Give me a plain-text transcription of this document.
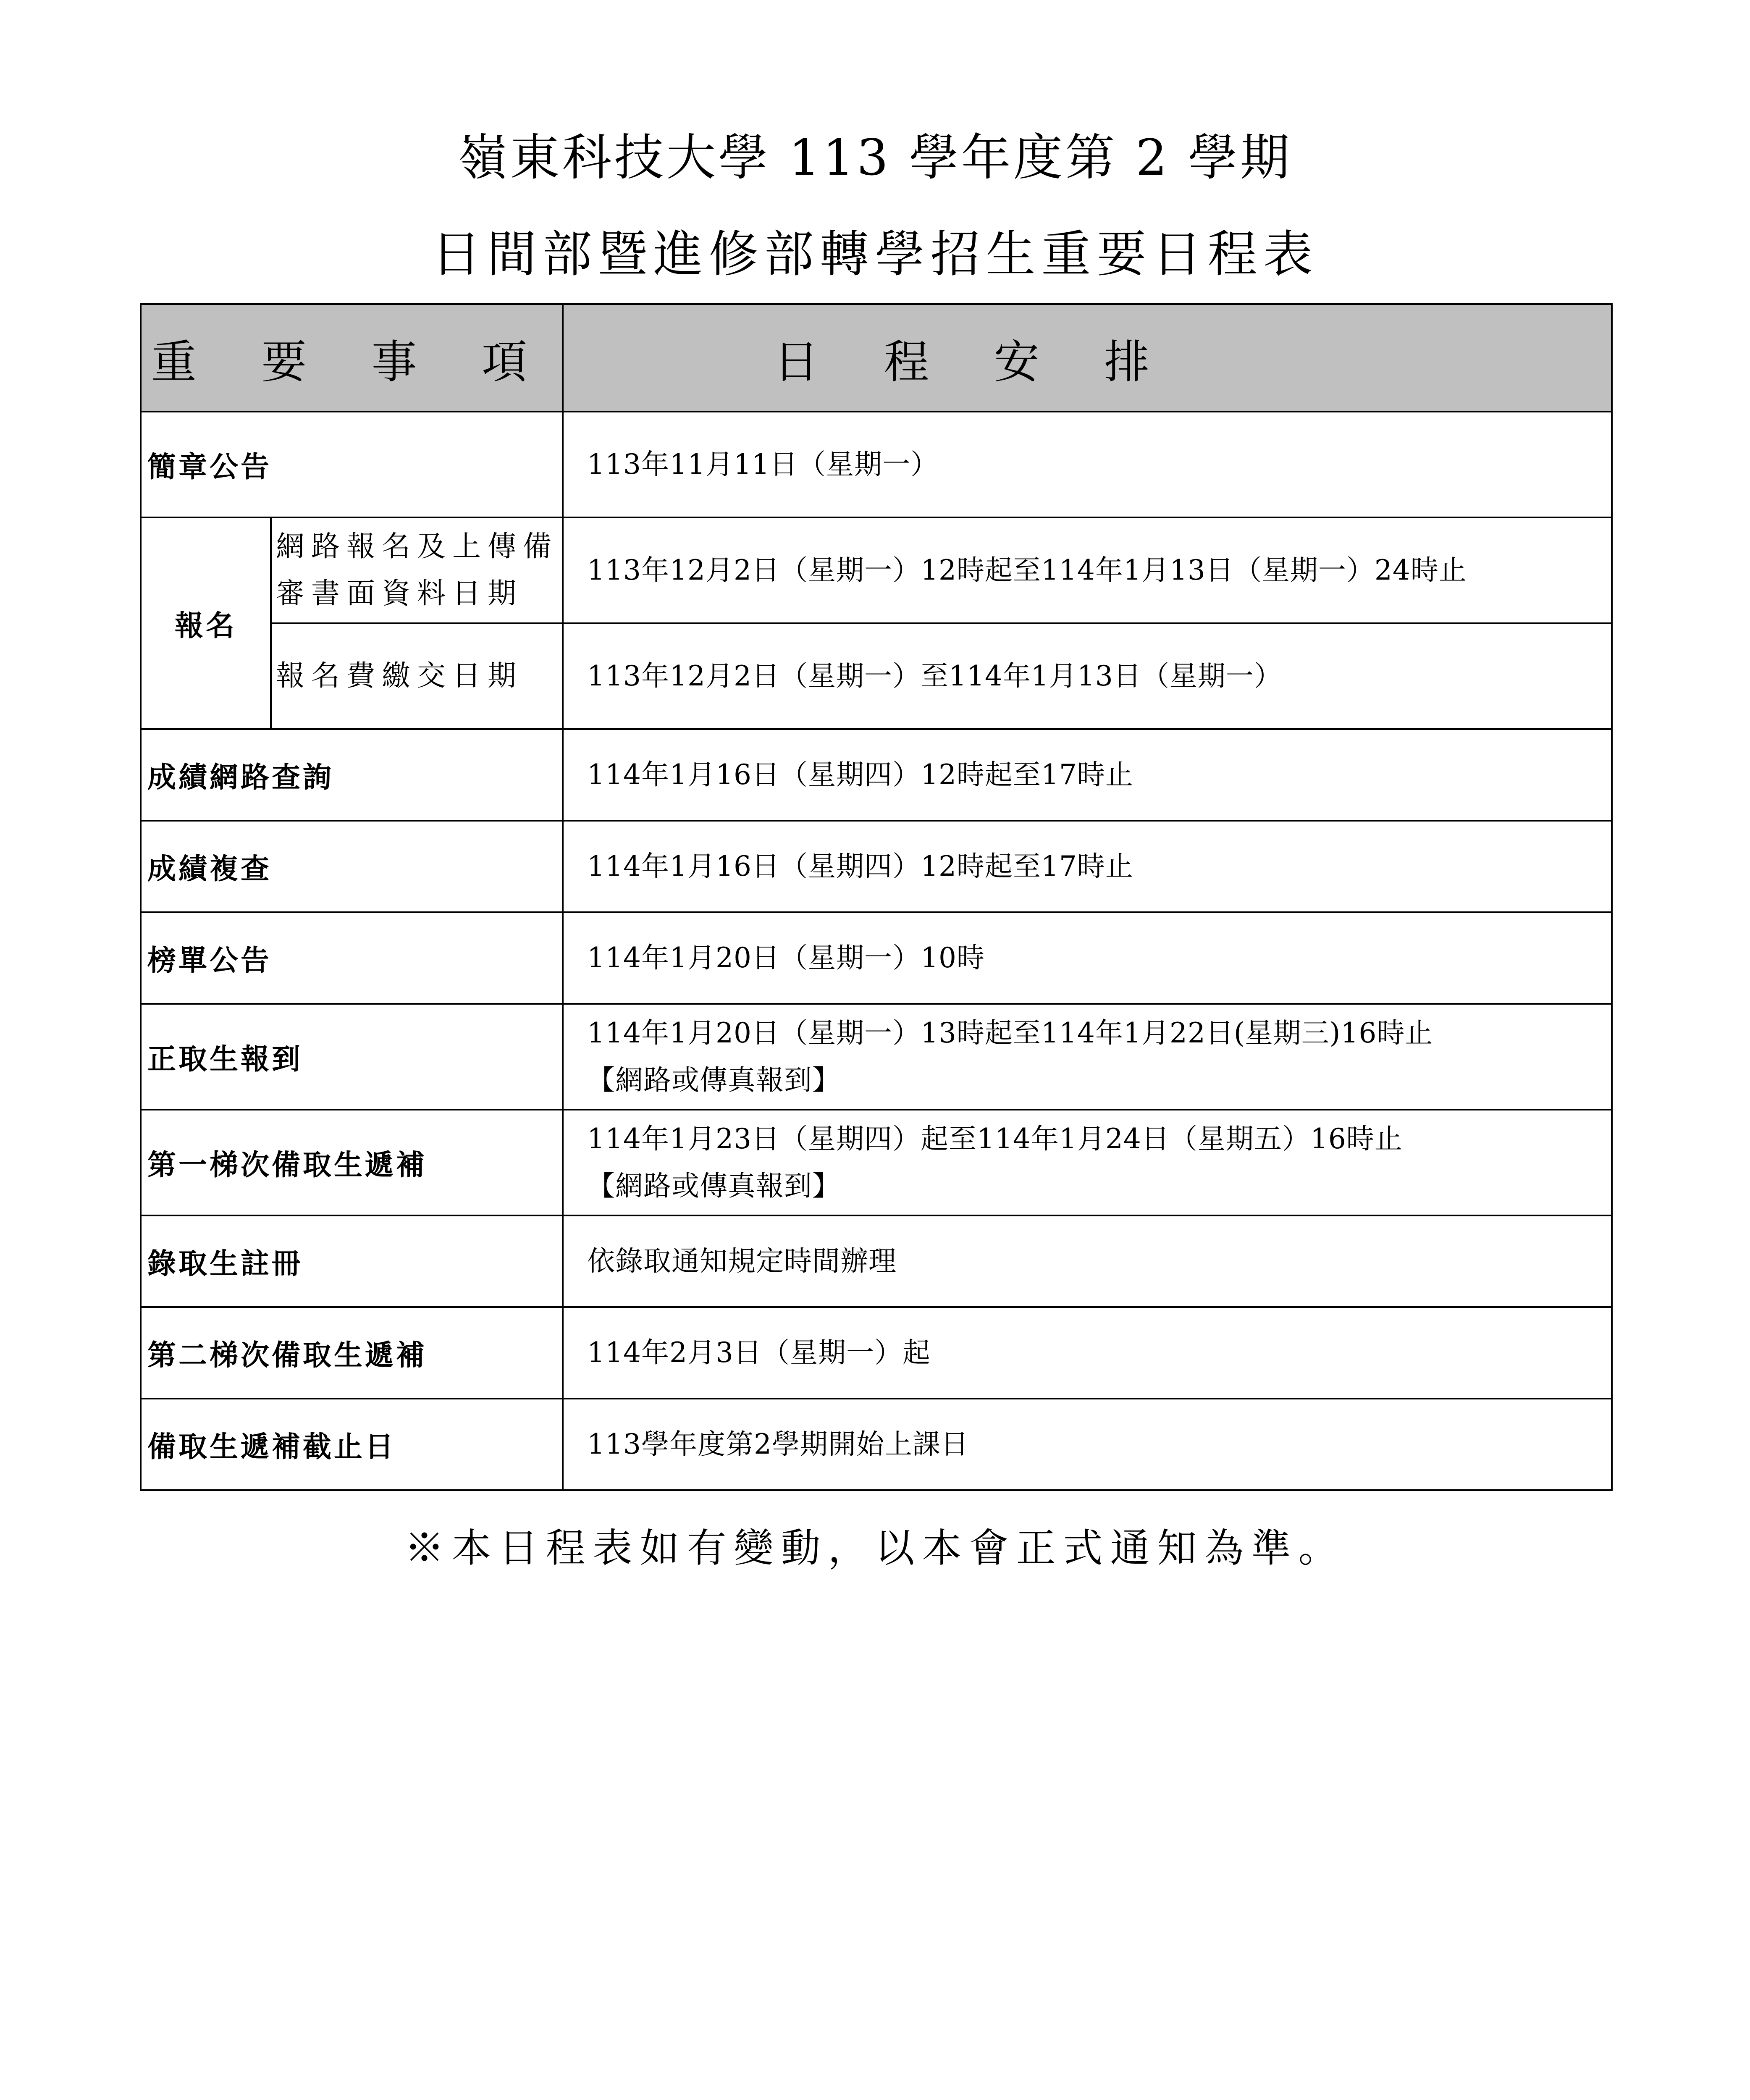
嶺東科技大學 113 學年度第 2 學期
日間部暨進修部轉學招生重要日程表
重 要 事 項		日 程 安 排
簡章公告		113年11月11日（星期一）
報名	網路報名及上傳備審書面資料日期	113年12月2日（星期一）12時起至114年1月13日（星期一）24時止
	報名費繳交日期	113年12月2日（星期一）至114年1月13日（星期一）
成績網路查詢		114年1月16日（星期四）12時起至17時止
成績複查		114年1月16日（星期四）12時起至17時止
榜單公告		114年1月20日（星期一）10時
正取生報到		114年1月20日（星期一）13時起至114年1月22日(星期三)16時止
【網路或傳真報到】

第一梯次備取生遞補		114年1月23日（星期四）起至114年1月24日（星期五）16時止
【網路或傳真報到】

錄取生註冊		依錄取通知規定時間辦理
第二梯次備取生遞補		114年2月3日（星期一）起
備取生遞補截止日		113學年度第2學期開始上課日
※本日程表如有變動，以本會正式通知為準。
